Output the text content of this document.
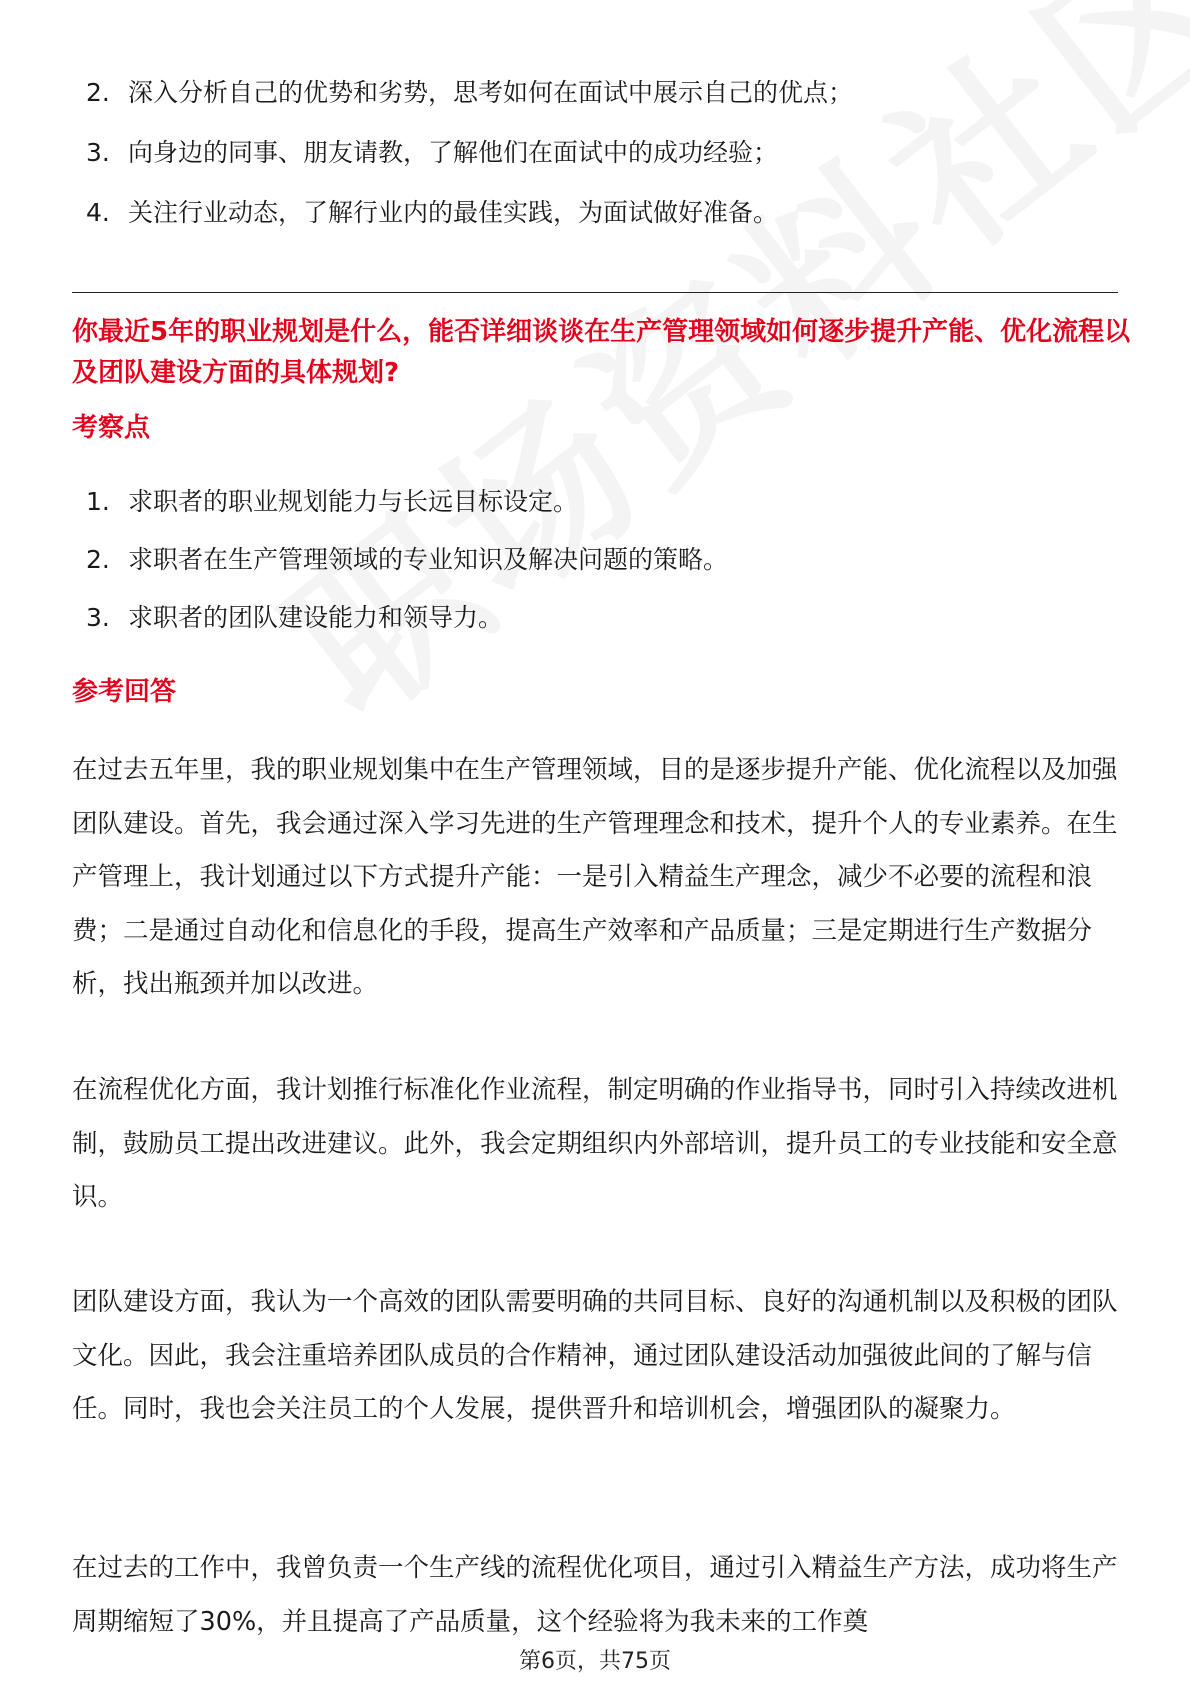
2. 深入分析自己的优势和劣势，思考如何在面试中展示自己的优点；
3. 向身边的同事、朋友请教，了解他们在面试中的成功经验；
4. 关注行业动态，了解行业内的最佳实践，为面试做好准备。
你最近5年的职业规划是什么，能否详细谈谈在生产管理领域如何逐步提升产能、优化流程以及团队建设方面的具体规划?
考察点
1. 求职者的职业规划能力与长远目标设定。
2. 求职者在生产管理领域的专业知识及解决问题的策略。
3. 求职者的团队建设能力和领导力。
参考回答

在过去五年里，我的职业规划集中在生产管理领域，目的是逐步提升产能、优化流程以及加强团队建设。首先，我会通过深入学习先进的生产管理理念和技术，提升个人的专业素养。在生产管理上，我计划通过以下方式提升产能：一是引入精益生产理念，减少不必要的流程和浪费；二是通过自动化和信息化的手段，提高生产效率和产品质量；三是定期进行生产数据分析，找出瓶颈并加以改进。

在流程优化方面，我计划推行标准化作业流程，制定明确的作业指导书，同时引入持续改进机制，鼓励员工提出改进建议。此外，我会定期组织内外部培训，提升员工的专业技能和安全意识。

团队建设方面，我认为一个高效的团队需要明确的共同目标、良好的沟通机制以及积极的团队文化。因此，我会注重培养团队成员的合作精神，通过团队建设活动加强彼此间的了解与信任。同时，我也会关注员工的个人发展，提供晋升和培训机会，增强团队的凝聚力。

在过去的工作中，我曾负责一个生产线的流程优化项目，通过引入精益生产方法，成功将生产周期缩短了30%，并且提高了产品质量，这个经验将为我未来的工作奠

第6页，共75页
